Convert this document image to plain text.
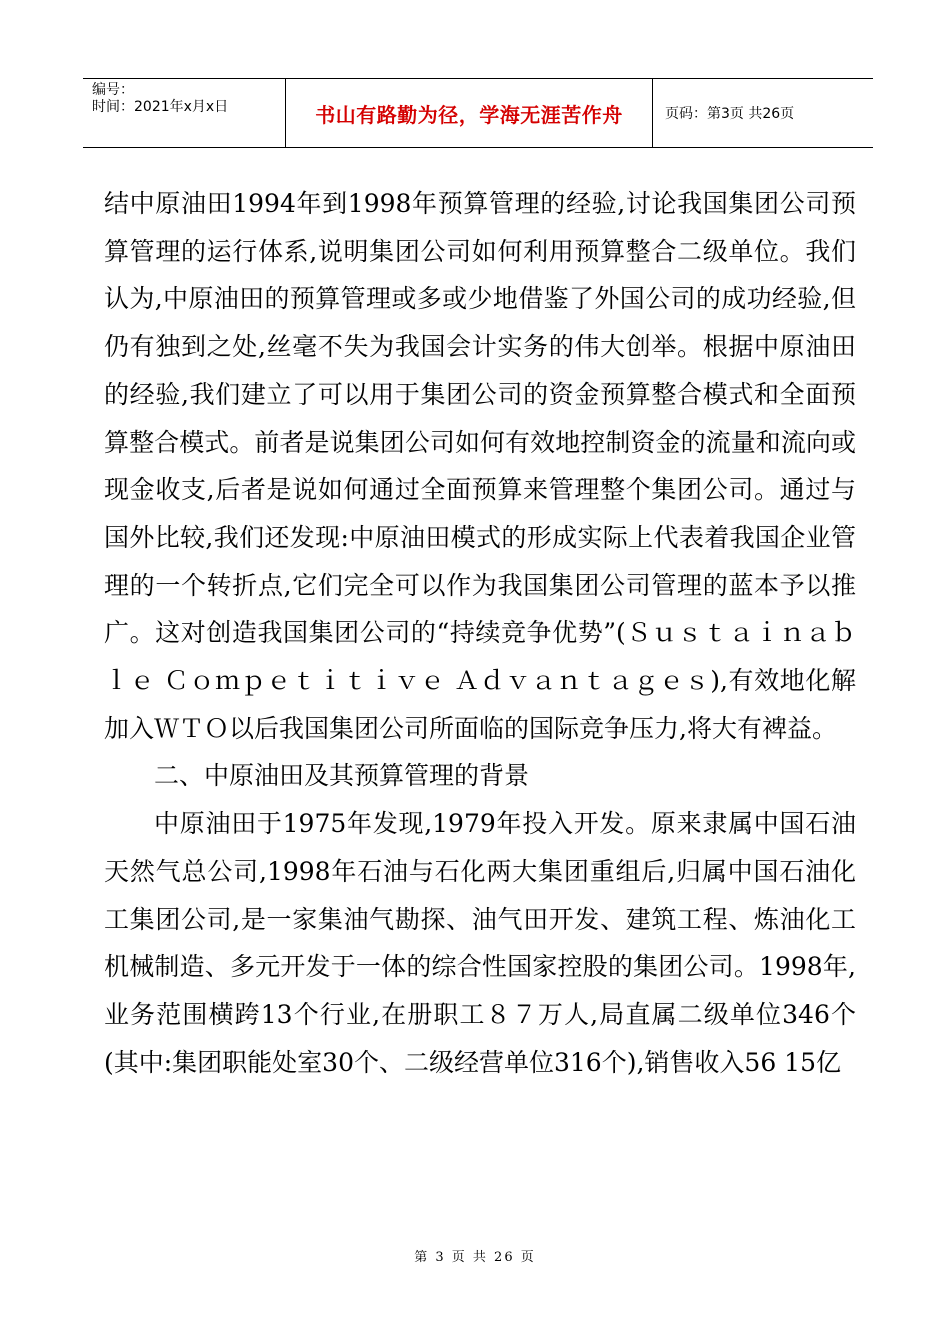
编号：
时间：2021年x月x日	书山有路勤为径，学海无涯苦作舟	页码：第3页 共26页

结中原油田1994年到1998年预算管理的经验,讨论我国集团公司预算管理的运行体系,说明集团公司如何利用预算整合二级单位。我们认为,中原油田的预算管理或多或少地借鉴了外国公司的成功经验,但仍有独到之处,丝毫不失为我国会计实务的伟大创举。根据中原油田的经验,我们建立了可以用于集团公司的资金预算整合模式和全面预算整合模式。前者是说集团公司如何有效地控制资金的流量和流向或现金收支,后者是说如何通过全面预算来管理整个集团公司。通过与国外比较,我们还发现:中原油田模式的形成实际上代表着我国企业管理的一个转折点,它们完全可以作为我国集团公司管理的蓝本予以推广。这对创造我国集团公司的“持续竞争优势”(Ｓｕｓｔａｉｎａｂｌｅ Ｃｏｍｐｅｔｉｔｉｖｅ Ａｄｖａｎｔａｇｅｓ),有效地化解加入ＷＴＯ以后我国集团公司所面临的国际竞争压力,将大有裨益。

二、中原油田及其预算管理的背景

中原油田于1975年发现,1979年投入开发。原来隶属中国石油天然气总公司,1998年石油与石化两大集团重组后,归属中国石油化工集团公司,是一家集油气勘探、油气田开发、建筑工程、炼油化工机械制造、多元开发于一体的综合性国家控股的集团公司。1998年,业务范围横跨13个行业,在册职工８７万人,局直属二级单位346个(其中:集团职能处室30个、二级经营单位316个),销售收入56 15亿

第 3 页 共 26 页
